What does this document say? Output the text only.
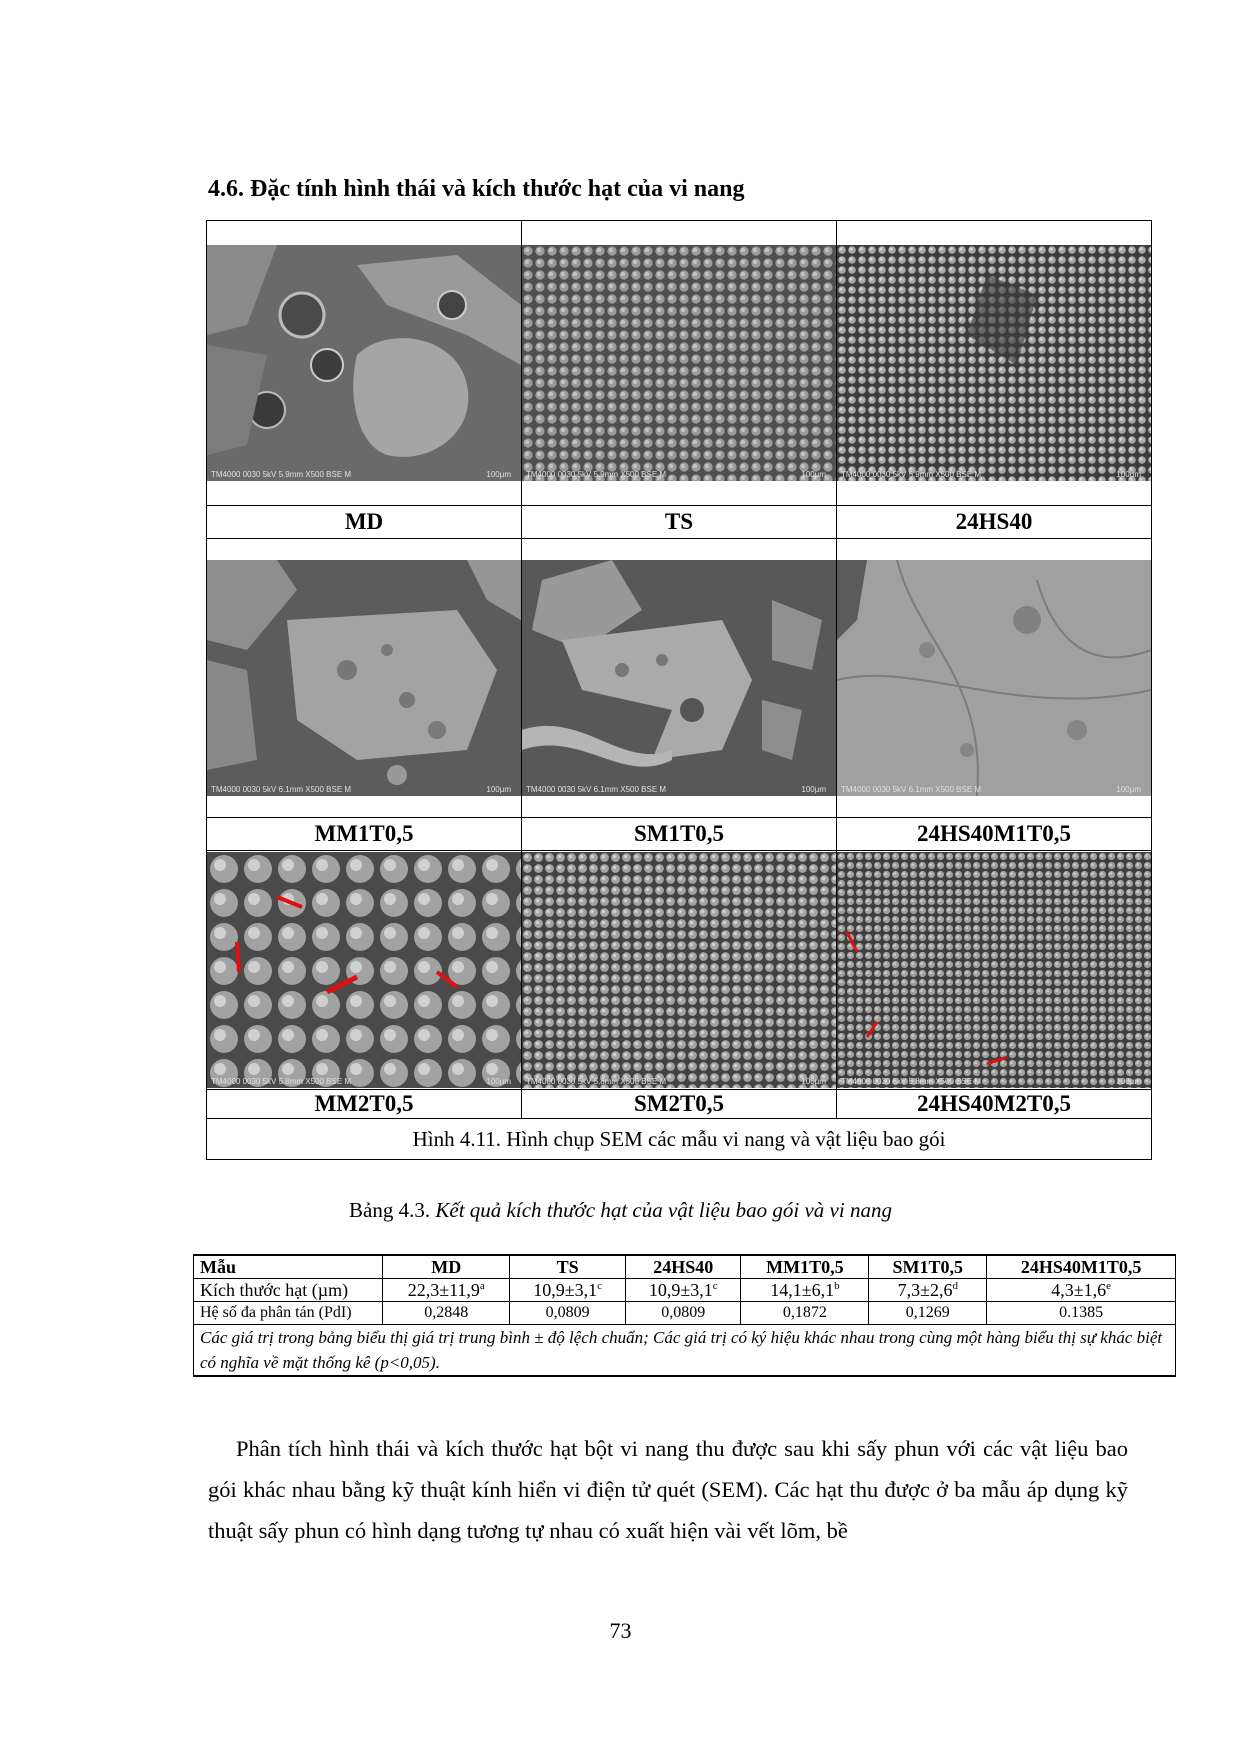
4.6. Đặc tính hình thái và kích thước hạt của vi nang
TM4000 0030 5kV 5.9mm X500 BSE M 100µm	TM4000 0030 5kV 5.9mm X500 BSE M 100µm	TM4000 0030 5kV 5.9mm X500 BSE M 100µm

MD	TS	24HS40

TM4000 0030 5kV 6.1mm X500 BSE M 100µm	TM4000 0030 5kV 6.1mm X500 BSE M 100µm	TM4000 0030 5kV 6.1mm X500 BSE M 100µm

MM1T0,5	SM1T0,5	24HS40M1T0,5

TM4000 0030 5kV 5.8mm X500 BSE M 100µm	TM4000 0030 5kV 5.8mm X500 BSE M 100µm	TM4000 0030 5kV 5.8mm X500 BSE M 100µm

MM2T0,5	SM2T0,5	24HS40M2T0,5
Hình 4.11. Hình chụp SEM các mẫu vi nang và vật liệu bao gói		
Bảng 4.3. Kết quả kích thước hạt của vật liệu bao gói và vi nang
Mẫu	MD	TS	24HS40	MM1T0,5	SM1T0,5	24HS40M1T0,5
Kích thước hạt (µm)	22,3±11,9$^a$	10,9±3,1$^c$	10,9±3,1$^c$	14,1±6,1$^b$	7,3±2,6$^d$	4,3±1,6$^e$
Hệ số đa phân tán (PdI)	0,2848	0,0809	0,0809	0,1872	0,1269	0.1385
Các giá trị trong bảng biểu thị giá trị trung bình ± độ lệch chuẩn; Các giá trị có ký hiệu khác nhau trong cùng một hàng biểu thị sự khác biệt có nghĩa về mặt thống kê (p<0,05).						

Phân tích hình thái và kích thước hạt bột vi nang thu được sau khi sấy phun với các vật liệu bao gói khác nhau bằng kỹ thuật kính hiển vi điện tử quét (SEM). Các hạt thu được ở ba mẫu áp dụng kỹ thuật sấy phun có hình dạng tương tự nhau có xuất hiện vài vết lõm, bề

73
